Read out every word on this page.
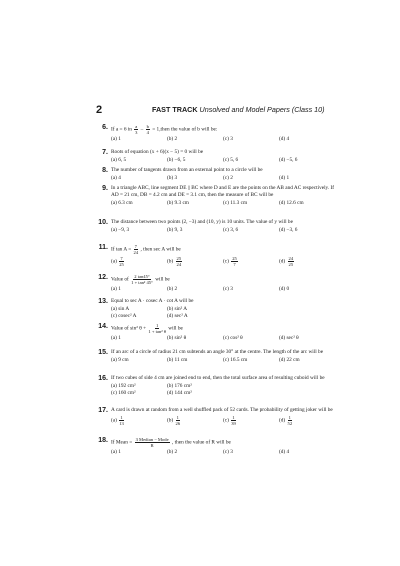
2	FAST TRACK Unsolved and Model Papers (Class 10)
6. If a = 6 in $\frac{a}{3} - \frac{b}{4}$ = 1,then the value of b will be:
(a) 1	(b) 2	(c) 3	(d) 4
7. Roots of equation (x + 6)(x − 5) = 0 will be
(a) 6, 5	(b) −6, 5	(c) 5, 6	(d) −5, 6
8. The number of tangents drawn from an external point to a circle will be
(a) 4	(b) 3	(c) 2	(d) 1
9. In a triangle ABC, line segment DE || BC where D and E are the points on the AB and AC respectively. If AD = 21 cm, DB = 4.2 cm and DE = 3.1 cm, then the measure of BC will be
(a) 6.3 cm	(b) 9.3 cm	(c) 11.3 cm	(d) 12.6 cm
10. The distance between two points (2, −3) and (10, y) is 10 units. The value of y will be
(a) −9, 3	(b) 9, 3	(c) 3, 6	(d) −3, 6
11. If $\tan A = \frac{7}{24}$ , then sec A will be
$(a) \frac{7}{25}$	$(b) \frac{25}{24}$	$(c) \frac{25}{7}$	$(d) \frac{24}{25}$
12. Value of $\frac{2 \tan 45^\circ}{\text{1 + tan² 45°}}$ will be
(a) 1	(b) 2	(c) 3	(d) 0
13. Equal to sec A · cosec A · cot A will be
(a) sin A	(b) sin² A
(c) cosec² A	(d) sec² A
14. Value of sin² $\theta + \frac{1}{\text{1 + tan² θ}}$ will be
(a) 1	(b) sin² θ	(c) cos² θ	(d) sec² θ
15. If an arc of a circle of radius 21 cm subtends an angle 30° at the centre. The length of the arc will be
(a) 9 cm	(b) 11 cm	(c) 16.5 cm	(d) 22 cm
16. If two cubes of side 4 cm are joined end to end, then the total surface area of resulting cuboid will be
(a) 192 cm²	(b) 176 cm²
(c) 160 cm²	(d) 144 cm²
17. A card is drawn at random from a well shuffled pack of 52 cards. The probability of getting joker will be
$(a) \frac{1}{13}$	$(b) \frac{1}{26}$	$(c) \frac{1}{39}$	$(d) \frac{1}{52}$
18. If Mean = $\frac{\text{3 Median − Mode}}{R}$ , then the value of R will be
(a) 1	(b) 2	(c) 3	(d) 4
